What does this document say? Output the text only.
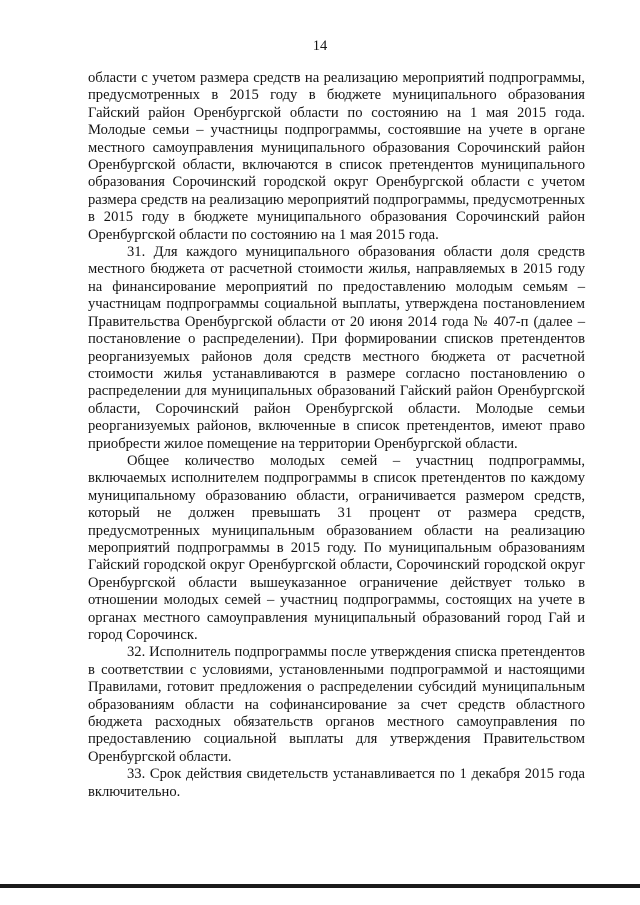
14

области с учетом размера средств на реализацию мероприятий подпрограммы, предусмотренных в 2015 году в бюджете муниципального образования Гайский район Оренбургской области по состоянию на 1 мая 2015 года. Молодые семьи – участницы подпрограммы, состоявшие на учете в органе местного самоуправления муниципального образования Сорочинский район Оренбургской области, включаются в список претендентов муниципального образования Сорочинский городской округ Оренбургской области с учетом размера средств на реализацию мероприятий подпрограммы, предусмотренных в 2015 году в бюджете муниципального образования Сорочинский район Оренбургской области по состоянию на 1 мая 2015 года.

31. Для каждого муниципального образования области доля средств местного бюджета от расчетной стоимости жилья, направляемых в 2015 году на финансирование мероприятий по предоставлению молодым семьям – участницам подпрограммы социальной выплаты, утверждена постановлением Правительства Оренбургской области от 20 июня 2014 года № 407-п (далее – постановление о распределении). При формировании списков претендентов реорганизуемых районов доля средств местного бюджета от расчетной стоимости жилья устанавливаются в размере согласно постановлению о распределении для муниципальных образований Гайский район Оренбургской области, Сорочинский район Оренбургской области. Молодые семьи реорганизуемых районов, включенные в список претендентов, имеют право приобрести жилое помещение на территории Оренбургской области.

Общее количество молодых семей – участниц подпрограммы, включаемых исполнителем подпрограммы в список претендентов по каждому муниципальному образованию области, ограничивается размером средств, который не должен превышать 31 процент от размера средств, предусмотренных муниципальным образованием области на реализацию мероприятий подпрограммы в 2015 году. По муниципальным образованиям Гайский городской округ Оренбургской области, Сорочинский городской округ Оренбургской области вышеуказанное ограничение действует только в отношении молодых семей – участниц подпрограммы, состоящих на учете в органах местного самоуправления муниципальный образований город Гай и город Сорочинск.

32. Исполнитель подпрограммы после утверждения списка претендентов в соответствии с условиями, установленными подпрограммой и настоящими Правилами, готовит предложения о распределении субсидий муниципальным образованиям области на софинансирование за счет средств областного бюджета расходных обязательств органов местного самоуправления по предоставлению социальной выплаты для утверждения Правительством Оренбургской области.

33. Срок действия свидетельств устанавливается по 1 декабря 2015 года включительно.
